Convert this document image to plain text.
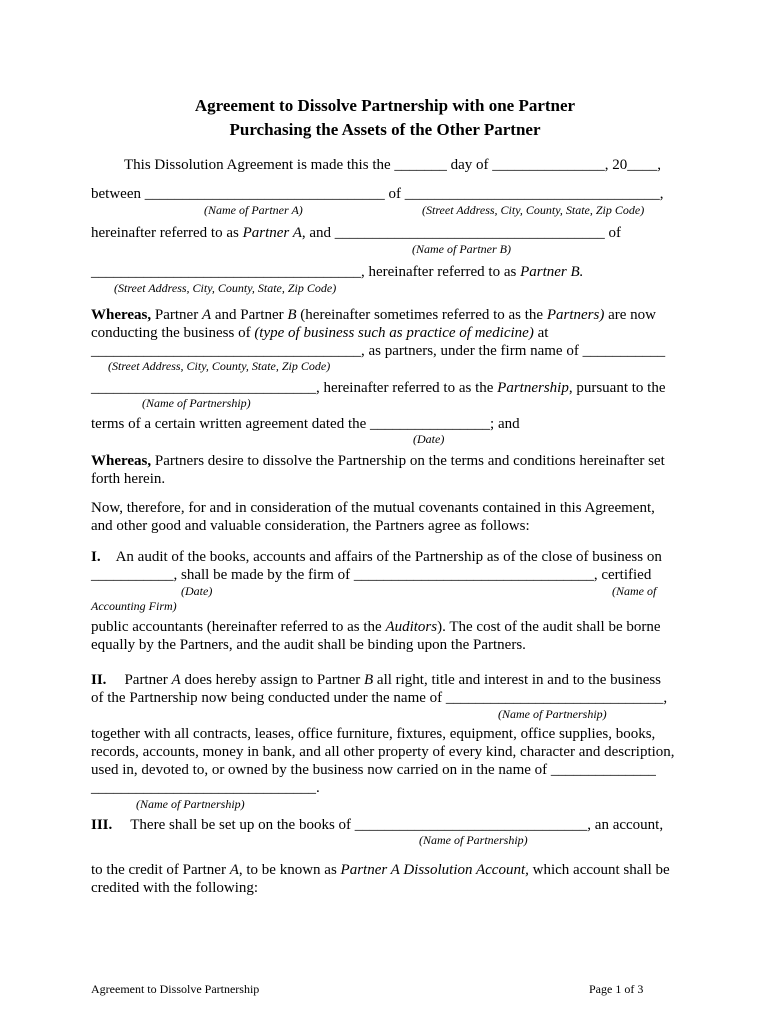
Agreement to Dissolve Partnership with one Partner
Purchasing the Assets of the Other Partner
This Dissolution Agreement is made this the _______ day of _______________, 20____,
between ________________________________ of __________________________________,
(Name of Partner A)	(Street Address, City, County, State, Zip Code)
hereinafter referred to as Partner A, and ____________________________________ of
(Name of Partner B)
____________________________________, hereinafter referred to as Partner B.
(Street Address, City, County, State, Zip Code)
Whereas, Partner A and Partner B (hereinafter sometimes referred to as the Partners) are now
conducting the business of (type of business such as practice of medicine) at
____________________________________, as partners, under the firm name of ___________
(Street Address, City, County, State, Zip Code)
______________________________, hereinafter referred to as the Partnership, pursuant to the
(Name of Partnership)
terms of a certain written agreement dated the ________________; and
(Date)
Whereas, Partners desire to dissolve the Partnership on the terms and conditions hereinafter set
forth herein.
Now, therefore, for and in consideration of the mutual covenants contained in this Agreement,
and other good and valuable consideration, the Partners agree as follows:
I. An audit of the books, accounts and affairs of the Partnership as of the close of business on
___________, shall be made by the firm of ________________________________, certified
(Date)	(Name of
Accounting Firm)
public accountants (hereinafter referred to as the Auditors). The cost of the audit shall be borne
equally by the Partners, and the audit shall be binding upon the Partners.
II. Partner A does hereby assign to Partner B all right, title and interest in and to the business
of the Partnership now being conducted under the name of _____________________________,
(Name of Partnership)
together with all contracts, leases, office furniture, fixtures, equipment, office supplies, books,
records, accounts, money in bank, and all other property of every kind, character and description,
used in, devoted to, or owned by the business now carried on in the name of ______________
______________________________.
(Name of Partnership)
III. There shall be set up on the books of _______________________________, an account,
(Name of Partnership)
to the credit of Partner A, to be known as Partner A Dissolution Account, which account shall be
credited with the following:
Agreement to Dissolve Partnership	Page 1 of 3
